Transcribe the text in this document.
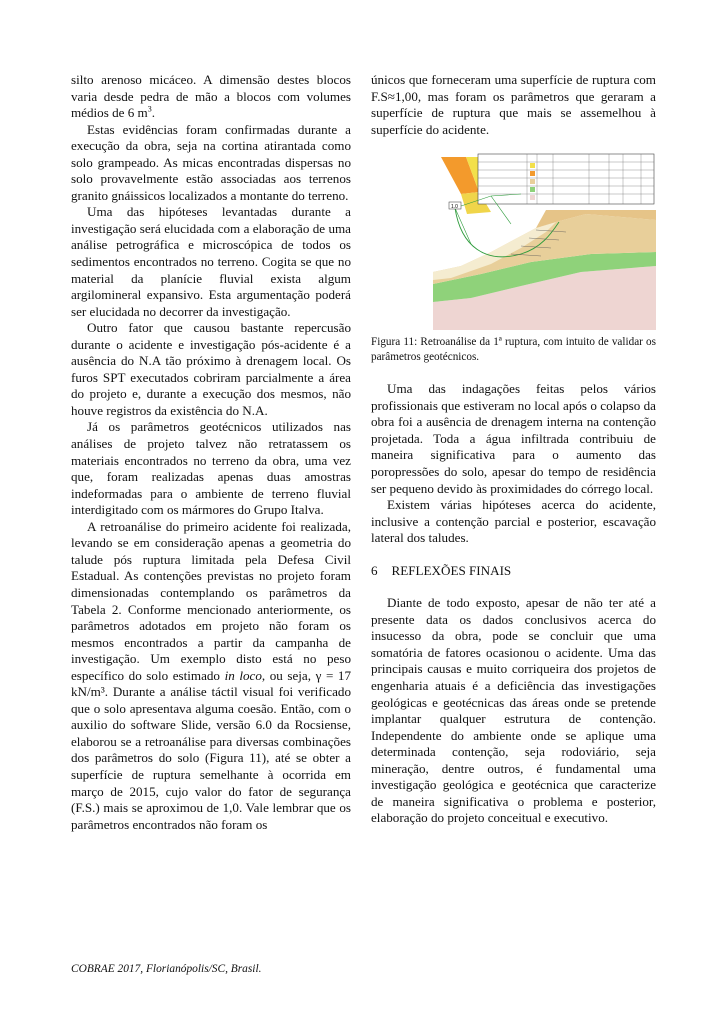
silto arenoso micáceo. A dimensão destes blocos varia desde pedra de mão a blocos com volumes médios de 6 $m^3$.

Estas evidências foram confirmadas durante a execução da obra, seja na cortina atirantada como solo grampeado. As micas encontradas dispersas no solo provavelmente estão associadas aos terrenos granito gnáissicos localizados a montante do terreno.

Uma das hipóteses levantadas durante a investigação será elucidada com a elaboração de uma análise petrográfica e microscópica de todos os sedimentos encontrados no terreno. Cogita se que no material da planície fluvial exista algum argilomineral expansivo. Esta argumentação poderá ser elucidada no decorrer da investigação.

Outro fator que causou bastante repercusão durante o acidente e investigação pós-acidente é a ausência do N.A tão próximo à drenagem local. Os furos SPT executados cobriram parcialmente a área do projeto e, durante a execução dos mesmos, não houve registros da existência do N.A.

Já os parâmetros geotécnicos utilizados nas análises de projeto talvez não retratassem os materiais encontrados no terreno da obra, uma vez que, foram realizadas apenas duas amostras indeformadas para o ambiente de terreno fluvial interdigitado com os mármores do Grupo Italva.

A retroanálise do primeiro acidente foi realizada, levando se em consideração apenas a geometria do talude pós ruptura limitada pela Defesa Civil Estadual. As contenções previstas no projeto foram dimensionadas contemplando os parâmetros da Tabela 2. Conforme mencionado anteriormente, os parâmetros adotados em projeto não foram os mesmos encontrados a partir da campanha de investigação. Um exemplo disto está no peso específico do solo estimado in loco, ou seja, γ = 17 kN/m³. Durante a análise táctil visual foi verificado que o solo apresentava alguma coesão. Então, com o auxilio do software Slide, versão 6.0 da Rocsiense, elaborou se a retroanálise para diversas combinações dos parâmetros do solo (Figura 11), até se obter a superfície de ruptura semelhante à ocorrida em março de 2015, cujo valor do fator de segurança (F.S.) mais se aproximou de 1,0. Vale lembrar que os parâmetros encontrados não foram os

únicos que forneceram uma superfície de ruptura com F.S≈1,00, mas foram os parâmetros que geraram a superfície de ruptura que mais se assemelhou à superfície do acidente.

1.0

Figura 11: Retroanálise da 1ª ruptura, com intuito de validar os parâmetros geotécnicos.

Uma das indagações feitas pelos vários profissionais que estiveram no local após o colapso da obra foi a ausência de drenagem interna na contenção projetada. Toda a água infiltrada contribuiu de maneira significativa para o aumento das poropressões do solo, apesar do tempo de residência ser pequeno devido às proximidades do córrego local.

Existem várias hipóteses acerca do acidente, inclusive a contenção parcial e posterior, escavação lateral dos taludes.

6 REFLEXÕES FINAIS

Diante de todo exposto, apesar de não ter até a presente data os dados conclusivos acerca do insucesso da obra, pode se concluir que uma somatória de fatores ocasionou o acidente. Uma das principais causas e muito corriqueira dos projetos de engenharia atuais é a deficiência das investigações geológicas e geotécnicas das áreas onde se pretende implantar qualquer estrutura de contenção. Independente do ambiente onde se aplique uma determinada contenção, seja rodoviário, seja mineração, dentre outros, é fundamental uma investigação geológica e geotécnica que caracterize de maneira significativa o problema e posterior, elaboração do projeto conceitual e executivo.

COBRAE 2017, Florianópolis/SC, Brasil.
